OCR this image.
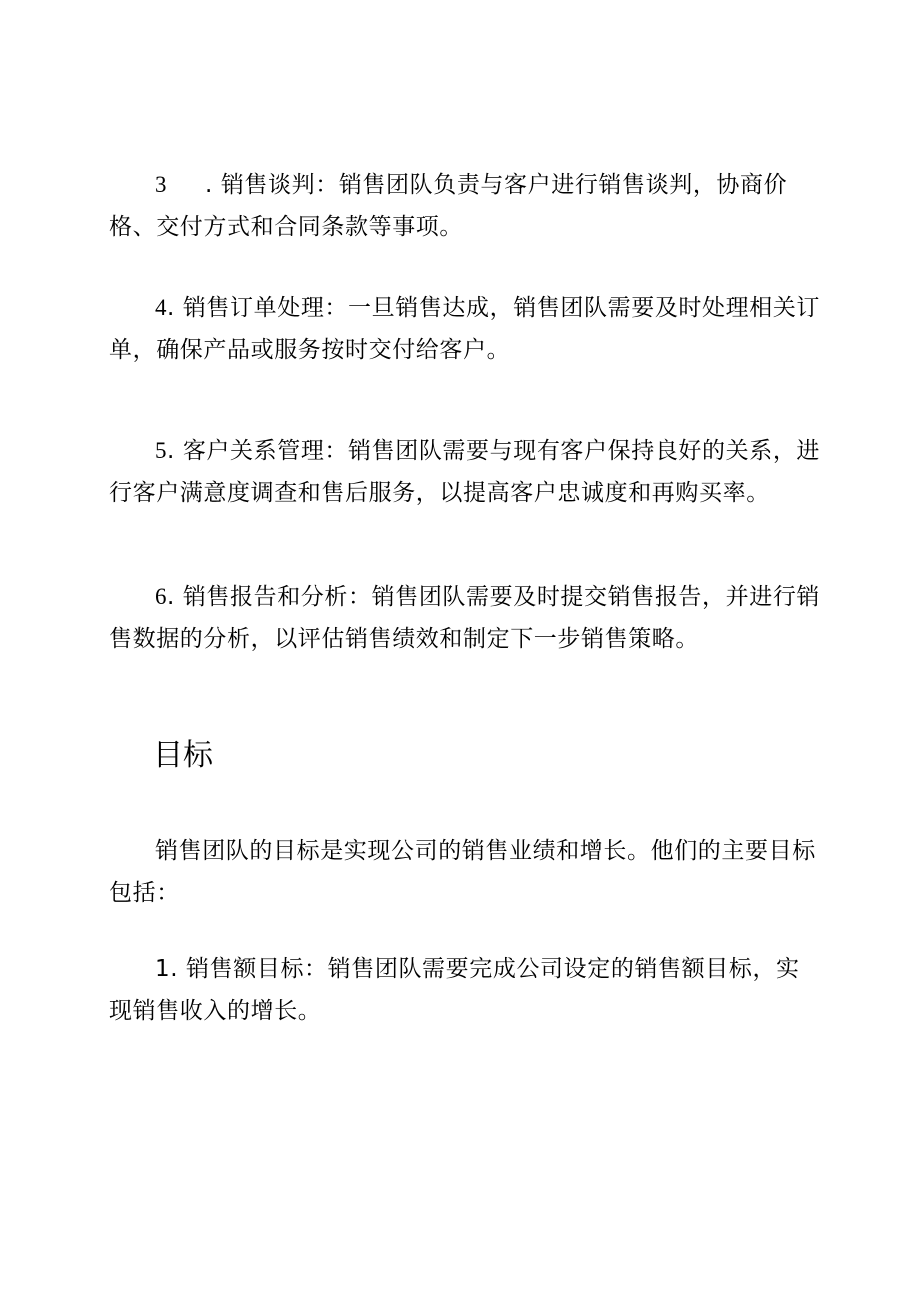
3 . 销售谈判：销售团队负责与客户进行销售谈判，协商价
格、交付方式和合同条款等事项。

4. 销售订单处理：一旦销售达成，销售团队需要及时处理相关订
单，确保产品或服务按时交付给客户。

5. 客户关系管理：销售团队需要与现有客户保持良好的关系，进
行客户满意度调查和售后服务，以提高客户忠诚度和再购买率。

6. 销售报告和分析：销售团队需要及时提交销售报告，并进行销
售数据的分析，以评估销售绩效和制定下一步销售策略。

目标

销售团队的目标是实现公司的销售业绩和增长。他们的主要目标
包括：

1. 销售额目标：销售团队需要完成公司设定的销售额目标，实
现销售收入的增长。
